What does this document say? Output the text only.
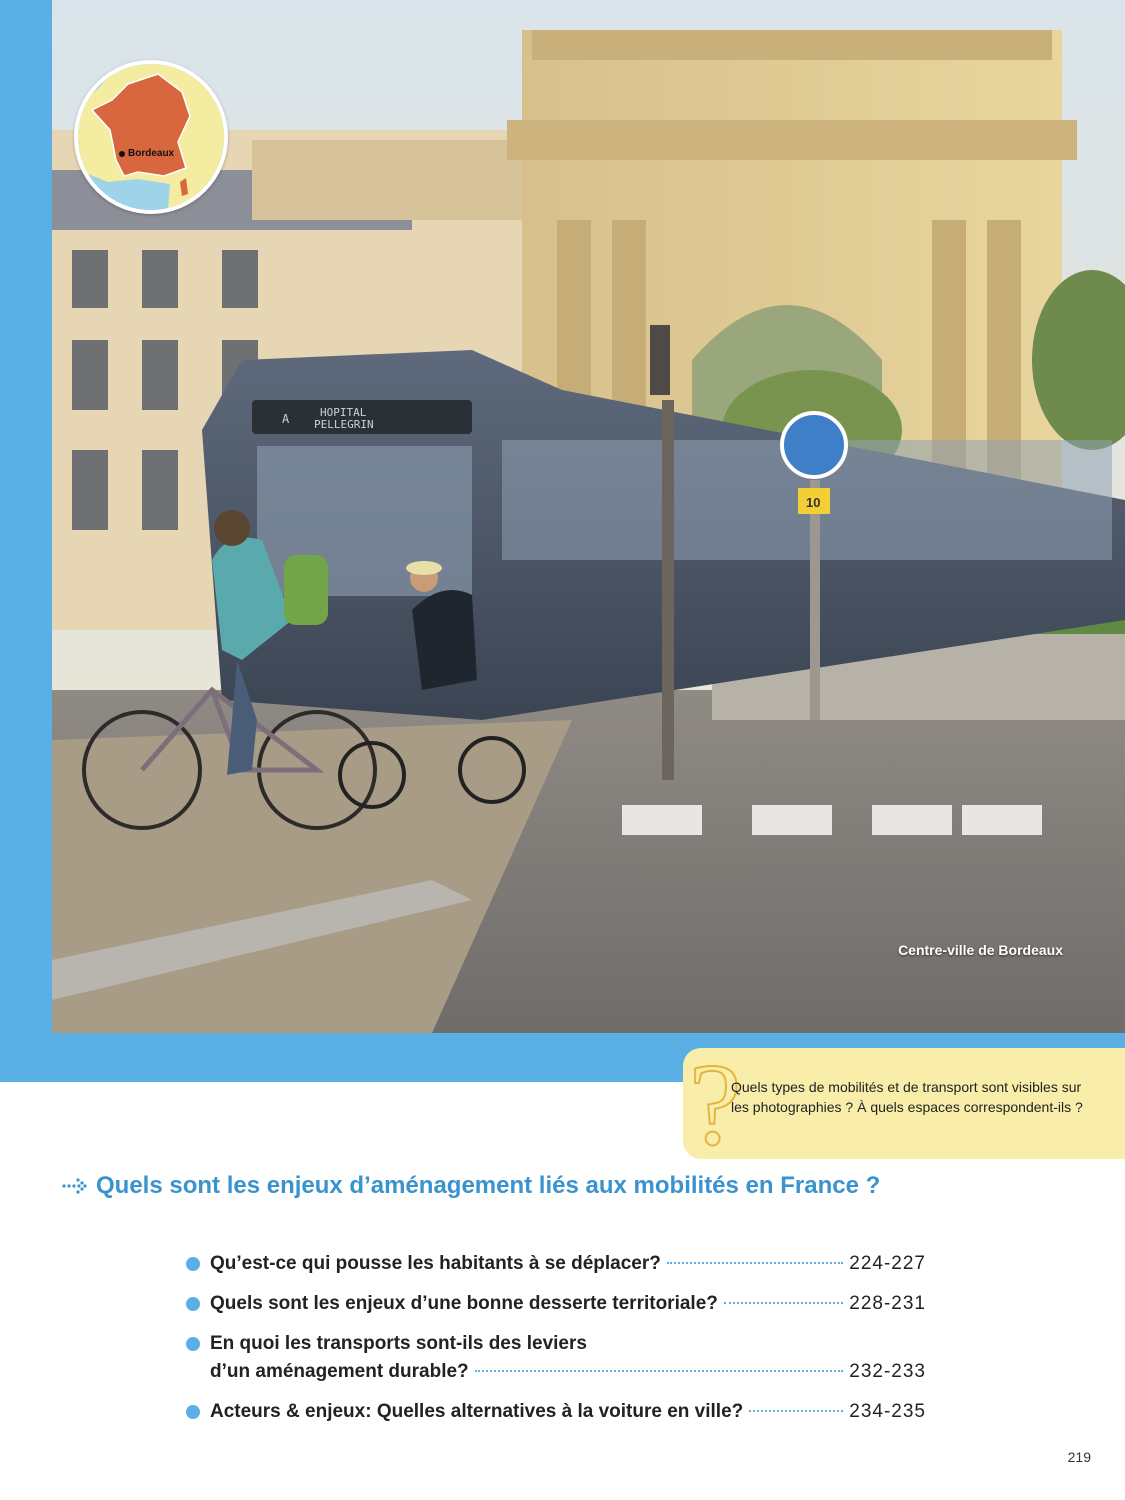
A	HOPITAL
PELLEGRIN
10
Centre-ville de Bordeaux
Bordeaux
?
Quels types de mobilités et de transport sont visibles sur les photographies ? À quels espaces correspondent-ils ?
Quels sont les enjeux d’aménagement liés aux mobilités en France ?
Qu’est-ce qui pousse les habitants à se déplacer?	224-227
Quels sont les enjeux d’une bonne desserte territoriale?	228-231
En quoi les transports sont-ils des leviers
d’un aménagement durable?	232-233
Acteurs & enjeux: Quelles alternatives à la voiture en ville?	234-235
219
